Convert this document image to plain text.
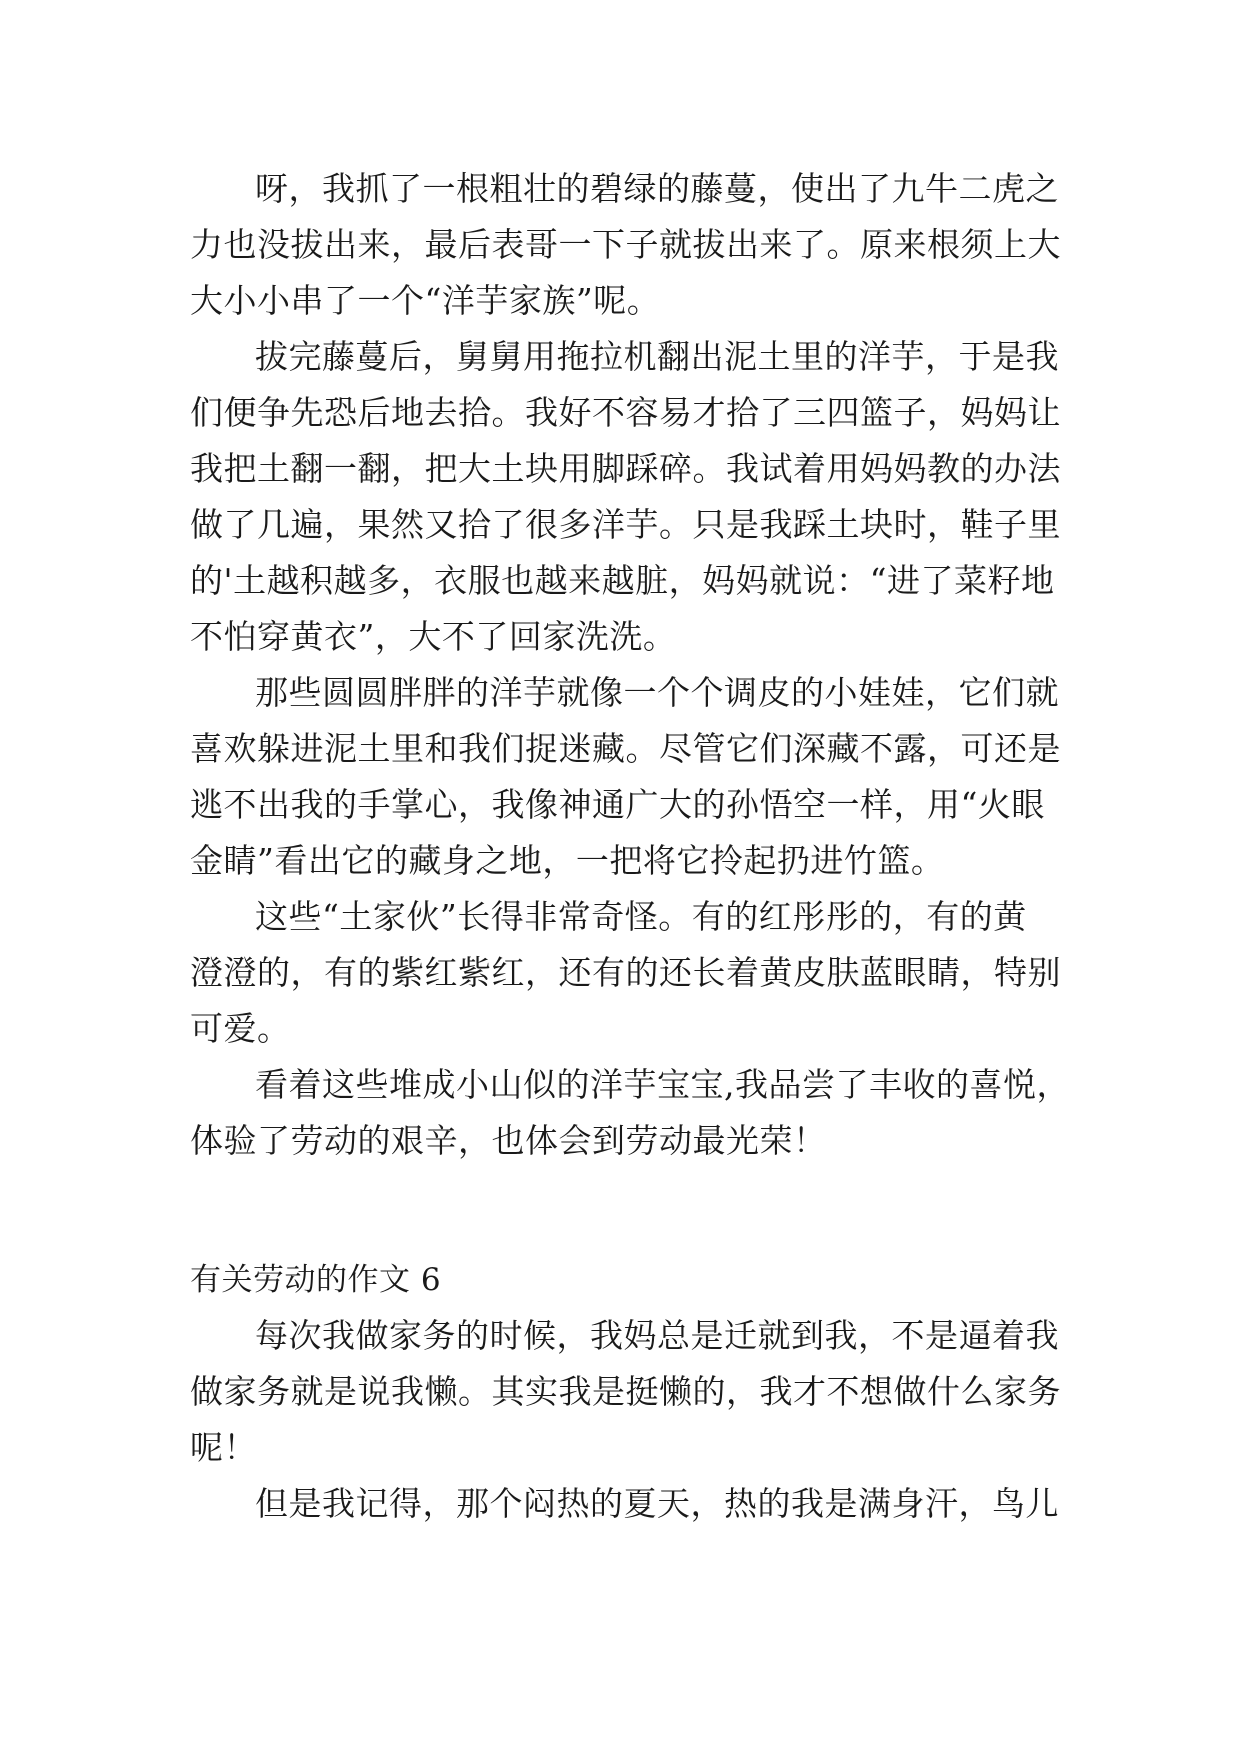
呀，我抓了一根粗壮的碧绿的藤蔓，使出了九牛二虎之
力也没拔出来，最后表哥一下子就拔出来了。原来根须上大
大小小串了一个“洋芋家族”呢。
拔完藤蔓后，舅舅用拖拉机翻出泥土里的洋芋，于是我
们便争先恐后地去拾。我好不容易才拾了三四篮子，妈妈让
我把土翻一翻，把大土块用脚踩碎。我试着用妈妈教的办法
做了几遍，果然又拾了很多洋芋。只是我踩土块时，鞋子里
的'土越积越多，衣服也越来越脏，妈妈就说：“进了菜籽地
不怕穿黄衣”，大不了回家洗洗。
那些圆圆胖胖的洋芋就像一个个调皮的小娃娃，它们就
喜欢躲进泥土里和我们捉迷藏。尽管它们深藏不露，可还是
逃不出我的手掌心，我像神通广大的孙悟空一样，用“火眼
金睛”看出它的藏身之地，一把将它拎起扔进竹篮。
这些“土家伙”长得非常奇怪。有的红彤彤的，有的黄
澄澄的，有的紫红紫红，还有的还长着黄皮肤蓝眼睛，特别
可爱。
看着这些堆成小山似的洋芋宝宝,我品尝了丰收的喜悦，
体验了劳动的艰辛，也体会到劳动最光荣！
有关劳动的作文 6
每次我做家务的时候，我妈总是迁就到我，不是逼着我
做家务就是说我懒。其实我是挺懒的，我才不想做什么家务
呢！
但是我记得，那个闷热的夏天，热的我是满身汗，鸟儿
